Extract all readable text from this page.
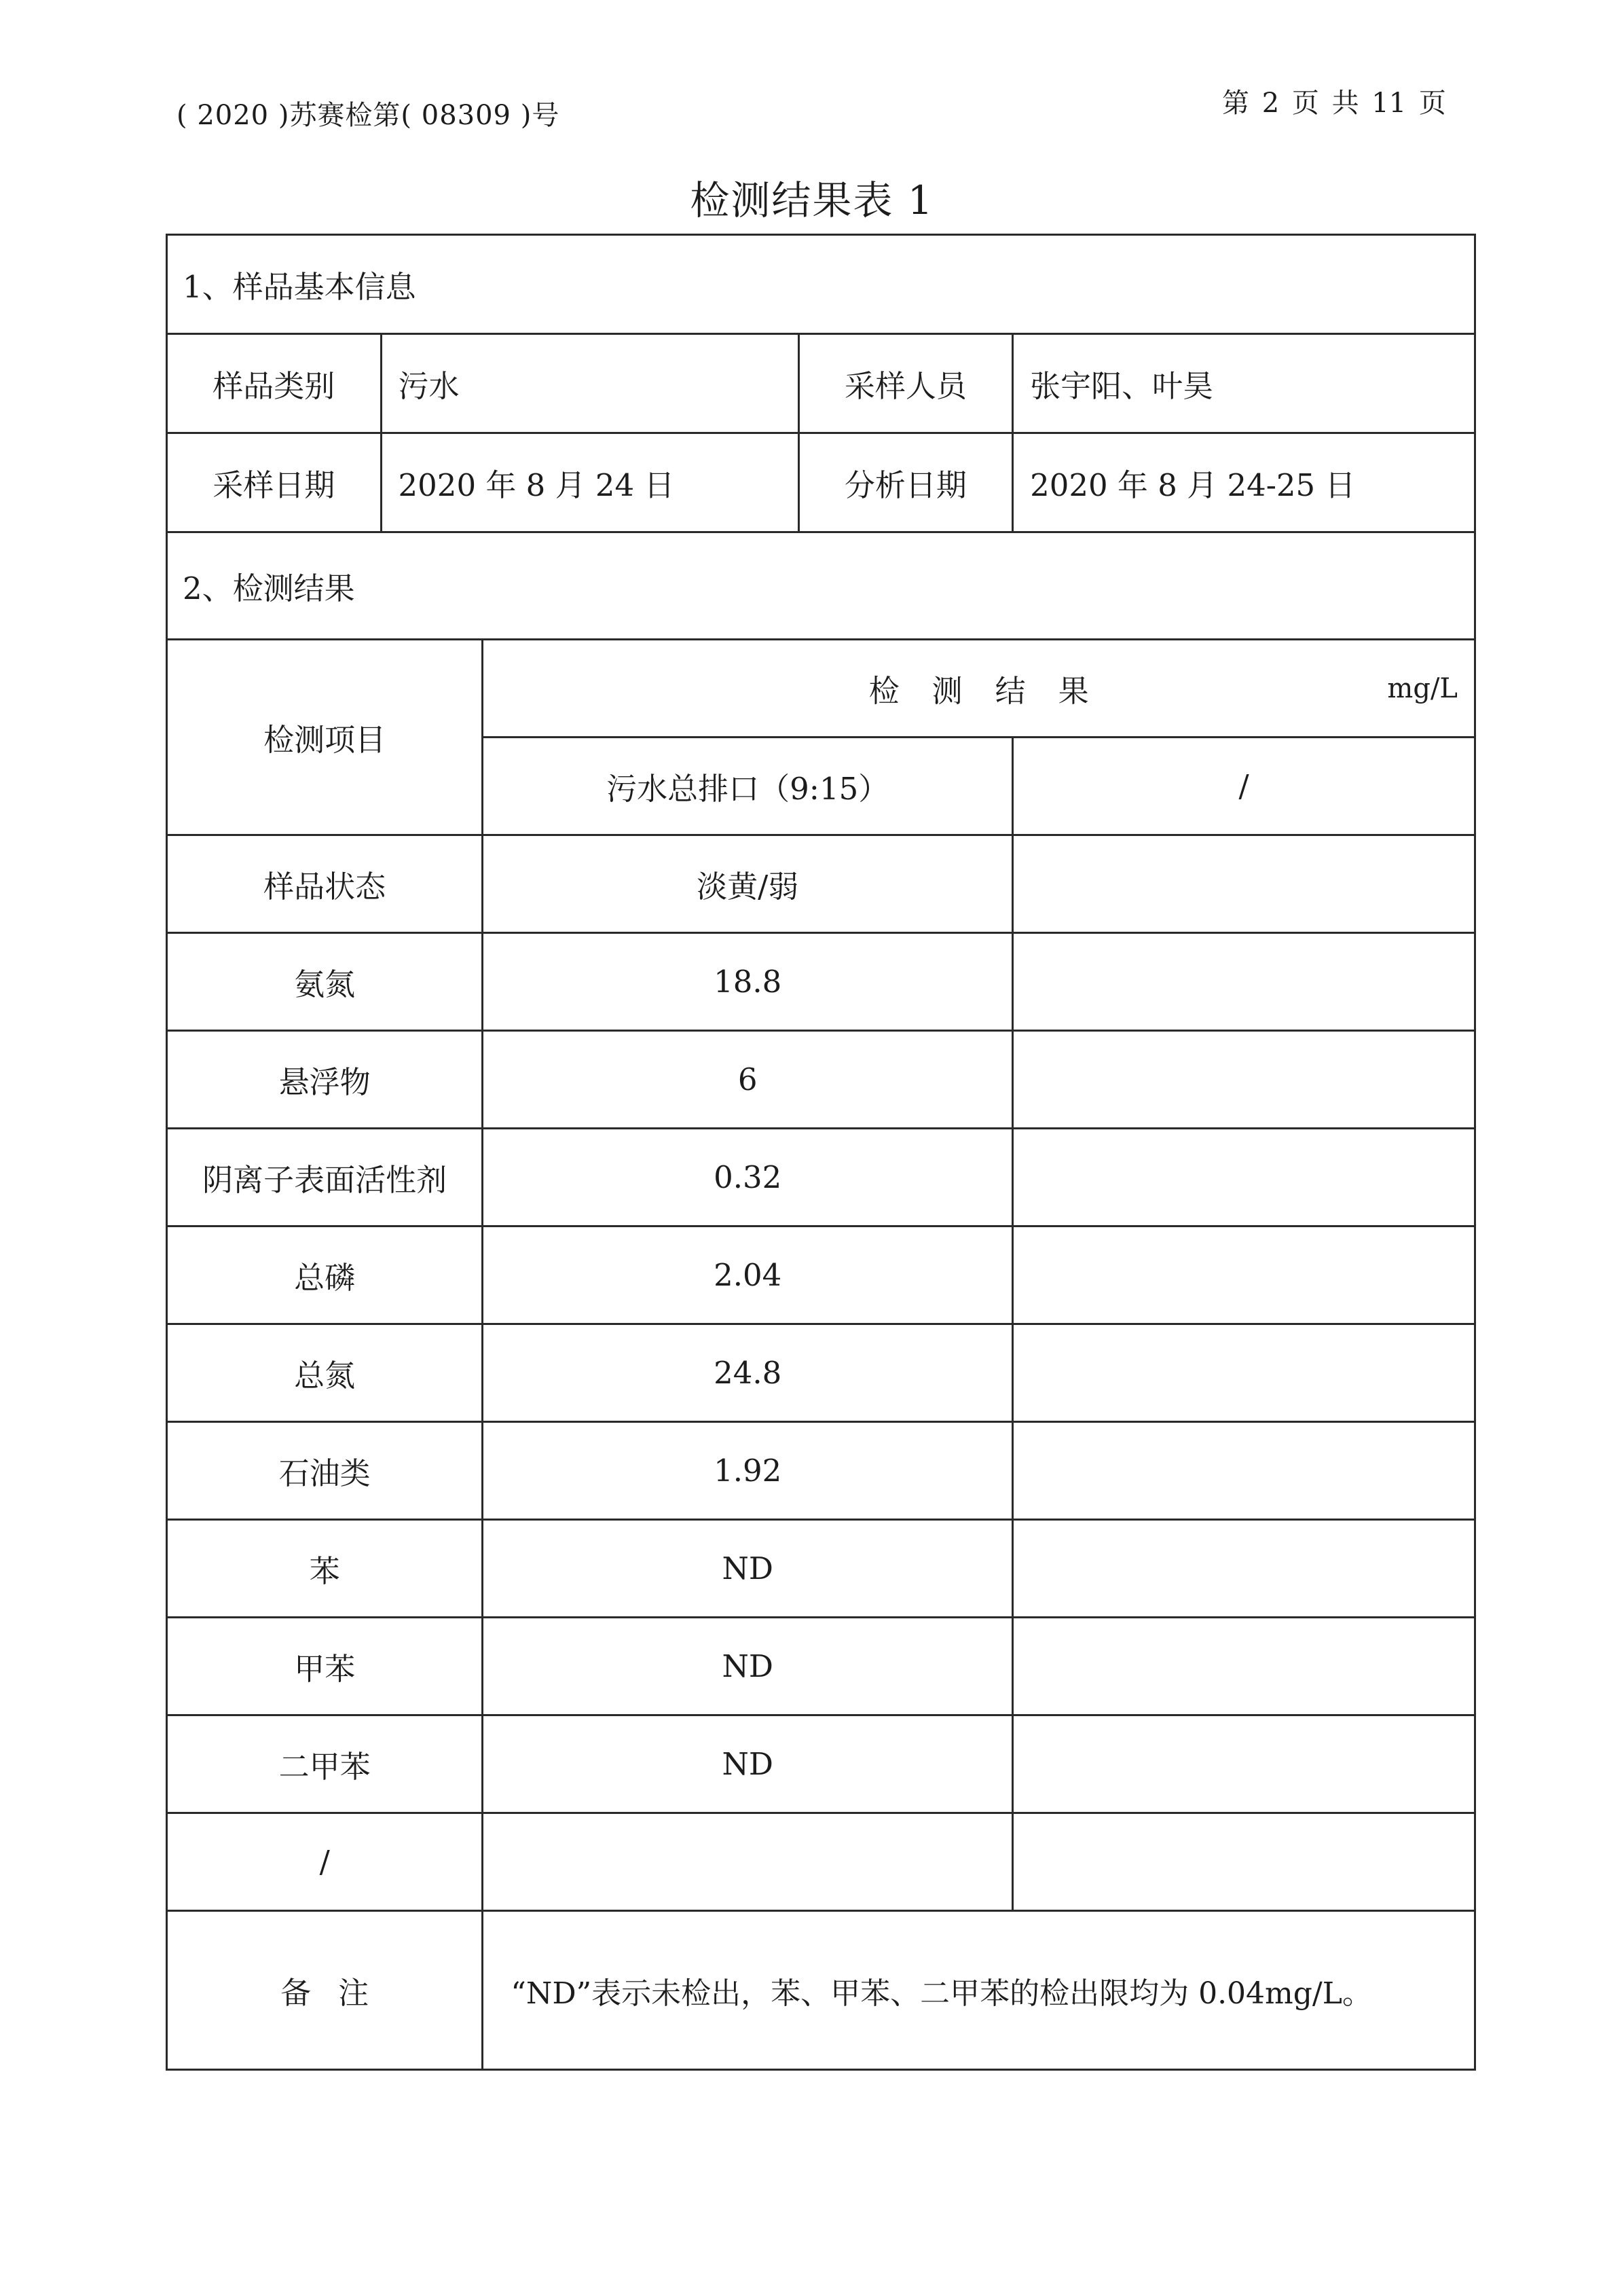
( 2020 )苏赛检第( 08309 )号	第 2 页 共 11 页
检测结果表 1
1、样品基本信息				
样品类别	污水		采样人员	张宇阳、叶昊
采样日期	2020 年 8 月 24 日		分析日期	2020 年 8 月 24-25 日
2、检测结果				
检测项目		检测结果 mg/L		

		污水总排口（9:15）		/
样品状态		淡黄/弱		
氨氮		18.8		
悬浮物		6		
阴离子表面活性剂		0.32		
总磷		2.04		
总氮		24.8		
石油类		1.92		
苯		ND		
甲苯		ND		
二甲苯		ND		
/				
备注		“ND”表示未检出，苯、甲苯、二甲苯的检出限均为 0.04mg/L。		
